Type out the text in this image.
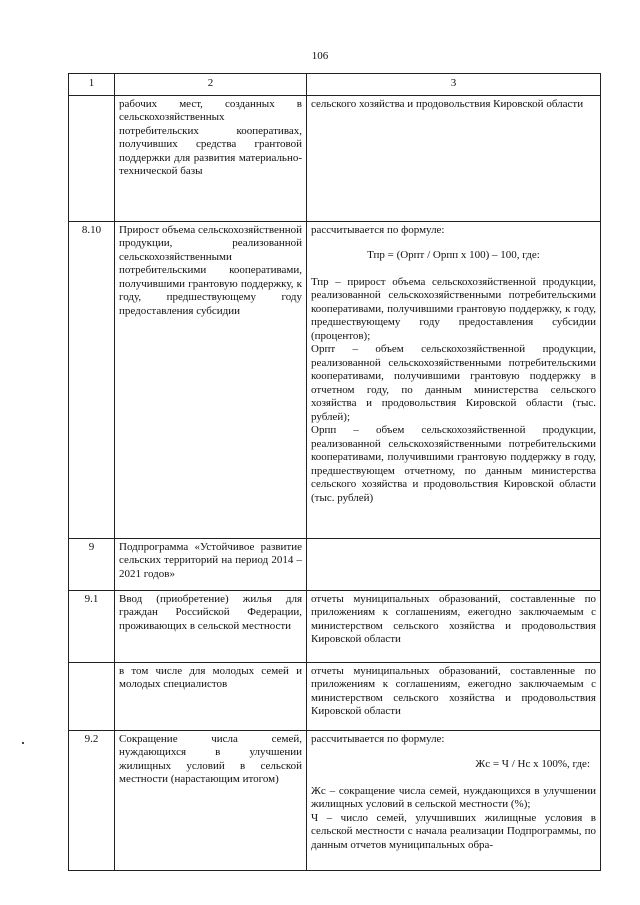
106
1	2	3
	рабочих мест, созданных в сельскохозяйственных потребительских кооперативах, получивших средства грантовой поддержки для развития материально-технической базы	сельского хозяйства и продовольствия Кировской области
8.10	Прирост объема сельскохозяйственной продукции, реализованной сельскохозяйственными потребительскими кооперативами, получившими грантовую поддержку, к году, предшествующему году предоставления субсидии	рассчитывается по формуле:

Тпр = (Орпт / Орпп х 100) – 100, где:

Тпр – прирост объема сельскохозяйственной продукции, реализованной сельскохозяйственными потребительскими кооперативами, получившими грантовую поддержку, к году, предшествующему году предоставления субсидии (процентов);

Орпт – объем сельскохозяйственной продукции, реализованной сельскохозяйственными потребительскими кооперативами, получившими грантовую поддержку в отчетном году, по данным министерства сельского хозяйства и продовольствия Кировской области (тыс. рублей);

Орпп – объем сельскохозяйственной продукции, реализованной сельскохозяйственными потребительскими кооперативами, получившими грантовую поддержку в году, предшествующем отчетному, по данным министерства сельского хозяйства и продовольствия Кировской области (тыс. рублей)

9	Подпрограмма «Устойчивое развитие сельских территорий на период 2014 – 2021 годов»	
9.1	Ввод (приобретение) жилья для граждан Российской Федерации, проживающих в сельской местности	отчеты муниципальных образований, составленные по приложениям к соглашениям, ежегодно заключаемым с министерством сельского хозяйства и продовольствия Кировской области
	в том числе для молодых семей и молодых специалистов	отчеты муниципальных образований, составленные по приложениям к соглашениям, ежегодно заключаемым с министерством сельского хозяйства и продовольствия Кировской области
9.2	Сокращение числа семей, нуждающихся в улучшении жилищных условий в сельской местности (нарастающим итогом)	рассчитывается по формуле:

Жс = Ч / Нс х 100%, где:

Жс – сокращение числа семей, нуждающихся в улучшении жилищных условий в сельской местности (%);

Ч – число семей, улучшивших жилищные условия в сельской местности с начала реализации Подпрограммы, по данным отчетов муниципальных обра-
